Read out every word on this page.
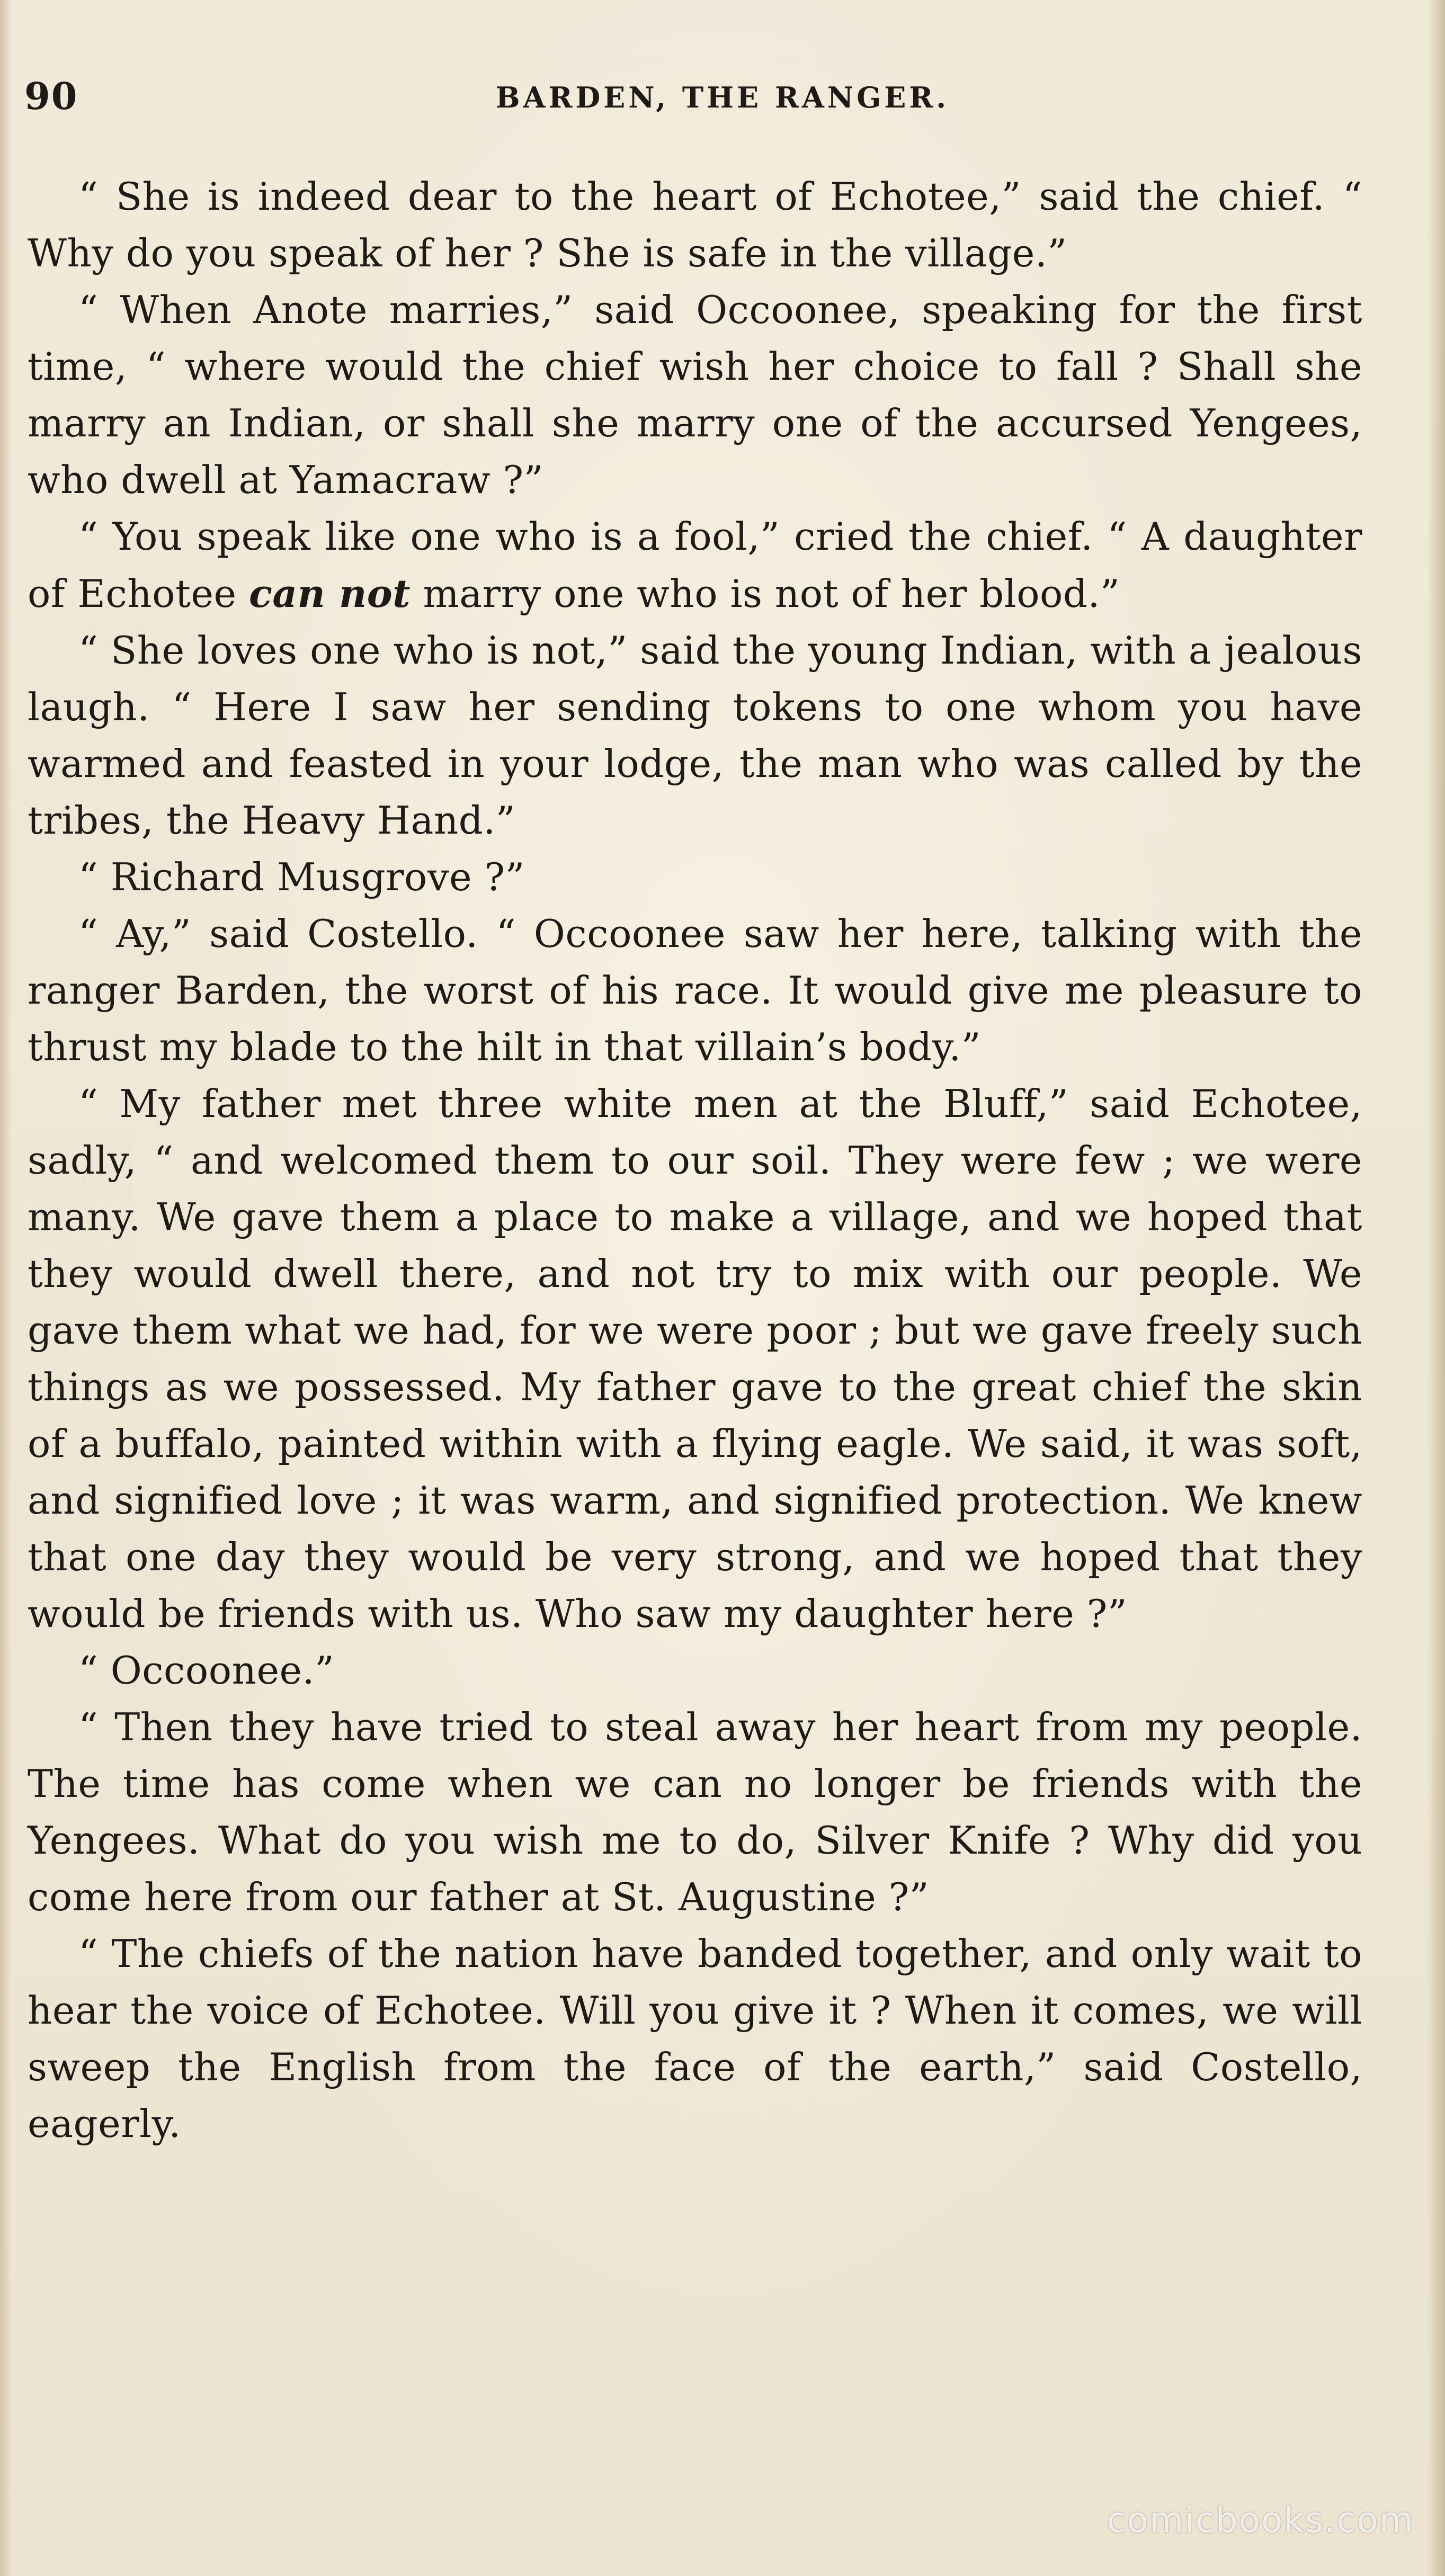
90	BARDEN, THE RANGER.

“ She is indeed dear to the heart of Echotee,” said the chief. “ Why do you speak of her ? She is safe in the village.”

“ When Anote marries,” said Occoonee, speaking for the first time, “ where would the chief wish her choice to fall ? Shall she marry an Indian, or shall she marry one of the accursed Yengees, who dwell at Yamacraw ?”

“ You speak like one who is a fool,” cried the chief. “ A daughter of Echotee can not marry one who is not of her blood.”

“ She loves one who is not,” said the young Indian, with a jealous laugh. “ Here I saw her sending tokens to one whom you have warmed and feasted in your lodge, the man who was called by the tribes, the Heavy Hand.”

“ Richard Musgrove ?”

“ Ay,” said Costello. “ Occoonee saw her here, talking with the ranger Barden, the worst of his race. It would give me pleasure to thrust my blade to the hilt in that villain’s body.”

“ My father met three white men at the Bluff,” said Echotee, sadly, “ and welcomed them to our soil. They were few ; we were many. We gave them a place to make a village, and we hoped that they would dwell there, and not try to mix with our people. We gave them what we had, for we were poor ; but we gave freely such things as we possessed. My father gave to the great chief the skin of a buffalo, painted within with a flying eagle. We said, it was soft, and signified love ; it was warm, and signified protection. We knew that one day they would be very strong, and we hoped that they would be friends with us. Who saw my daughter here ?”

“ Occoonee.”

“ Then they have tried to steal away her heart from my people. The time has come when we can no longer be friends with the Yengees. What do you wish me to do, Silver Knife ? Why did you come here from our father at St. Augustine ?”

“ The chiefs of the nation have banded together, and only wait to hear the voice of Echotee. Will you give it ? When it comes, we will sweep the English from the face of the earth,” said Costello, eagerly.

comicbooks.com
